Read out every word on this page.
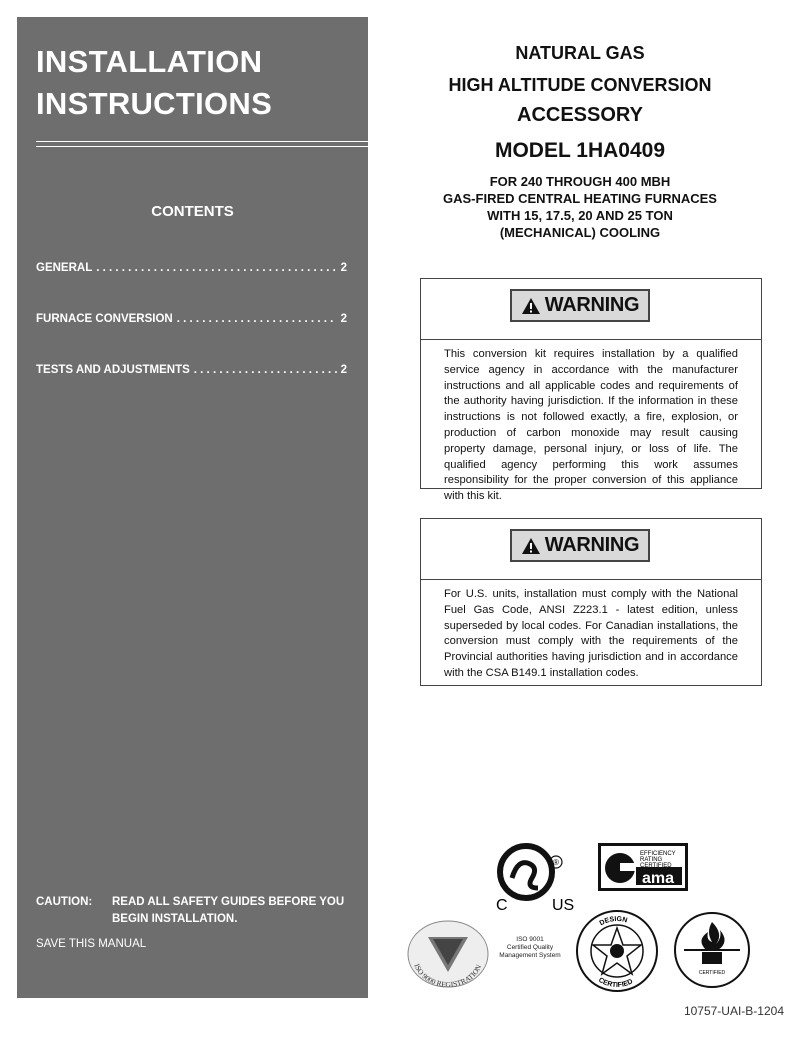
INSTALLATION
INSTRUCTIONS
CONTENTS
GENERAL . . .	2
FURNACE CONVERSION . . .	2
TESTS AND ADJUSTMENTS . . .	2
CAUTION:	READ ALL SAFETY GUIDES BEFORE YOU BEGIN INSTALLATION.
SAVE THIS MANUAL
NATURAL GAS
HIGH ALTITUDE CONVERSION
ACCESSORY
MODEL 1HA0409
FOR 240 THROUGH 400 MBH
GAS-FIRED CENTRAL HEATING FURNACES
WITH 15, 17.5, 20 AND 25 TON
(MECHANICAL) COOLING
WARNING
This conversion kit requires installation by a qualified service agency in accordance with the manufacturer instructions and all applicable codes and requirements of the authority having jurisdiction. If the information in these instructions is not followed exactly, a fire, explosion, or production of carbon monoxide may result causing property damage, personal injury, or loss of life. The qualified agency performing this work assumes responsibility for the proper conversion of this appliance with this kit.
WARNING
For U.S. units, installation must comply with the National Fuel Gas Code, ANSI Z223.1 - latest edition, unless superseded by local codes. For Canadian installations, the conversion must comply with the requirements of the Provincial authorities having jurisdiction and in accordance with the CSA B149.1 installation codes.
®
C	US
EFFICIENCY
RATING
CERTIFIED
ama
ISO 9000 REGISTRATION
ISO 9001
Certified Quality
Management System
DESIGN
CERTIFIED
CERTIFIED
10757-UAI-B-1204
